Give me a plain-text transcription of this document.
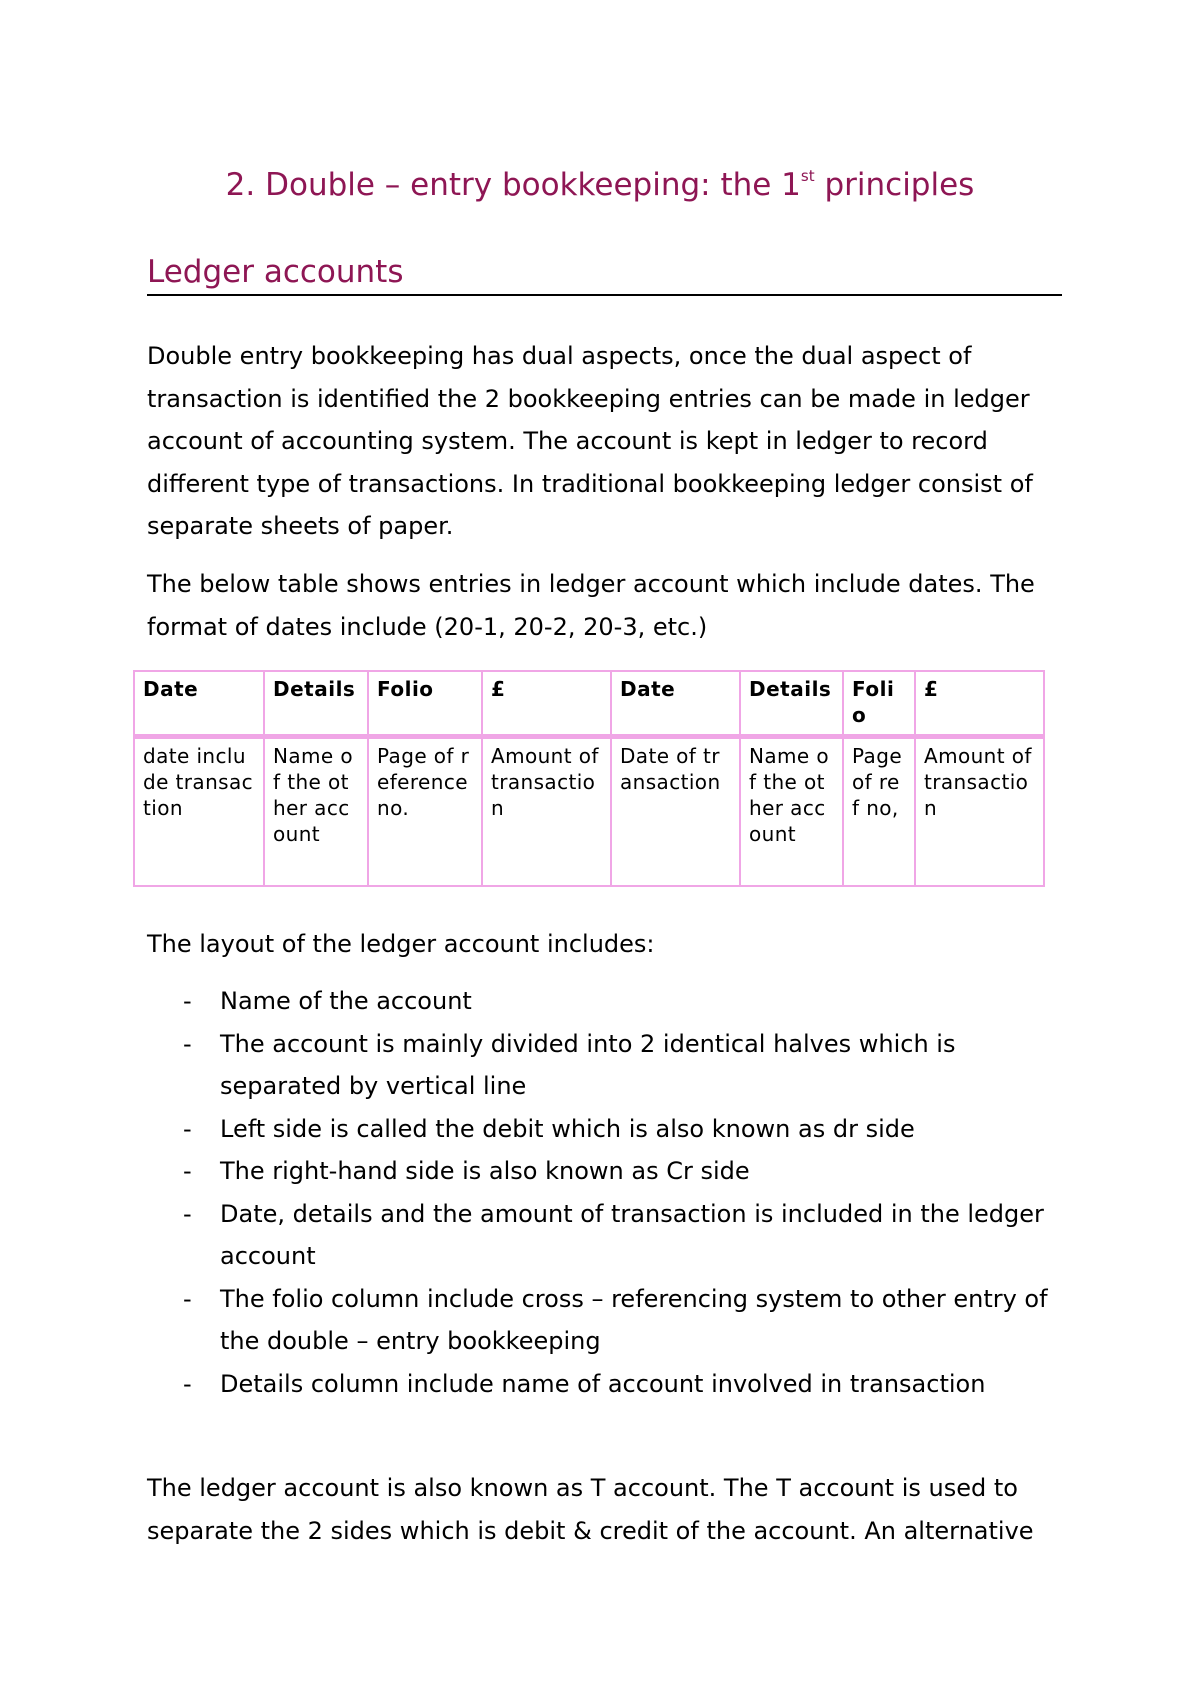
2. Double – entry bookkeeping: the 1st principles
Ledger accounts
Double entry bookkeeping has dual aspects, once the dual aspect of transaction is identified the 2 bookkeeping entries can be made in ledger account of accounting system. The account is kept in ledger to record different type of transactions. In traditional bookkeeping ledger consist of separate sheets of paper.
The below table shows entries in ledger account which include dates. The format of dates include (20-1, 20-2, 20-3, etc.)
Date	Details	Folio	£	Date	Details	Folio	£
date include transaction	Name of the other account	Page of reference no.	Amount of transaction	Date of transaction	Name of the other account	Page of ref no,	Amount of transaction
The layout of the ledger account includes:
- Name of the account
- The account is mainly divided into 2 identical halves which is separated by vertical line
- Left side is called the debit which is also known as dr side
- The right-hand side is also known as Cr side
- Date, details and the amount of transaction is included in the ledger account
- The folio column include cross – referencing system to other entry of the double – entry bookkeeping
- Details column include name of account involved in transaction
The ledger account is also known as T account. The T account is used to separate the 2 sides which is debit & credit of the account. An alternative
